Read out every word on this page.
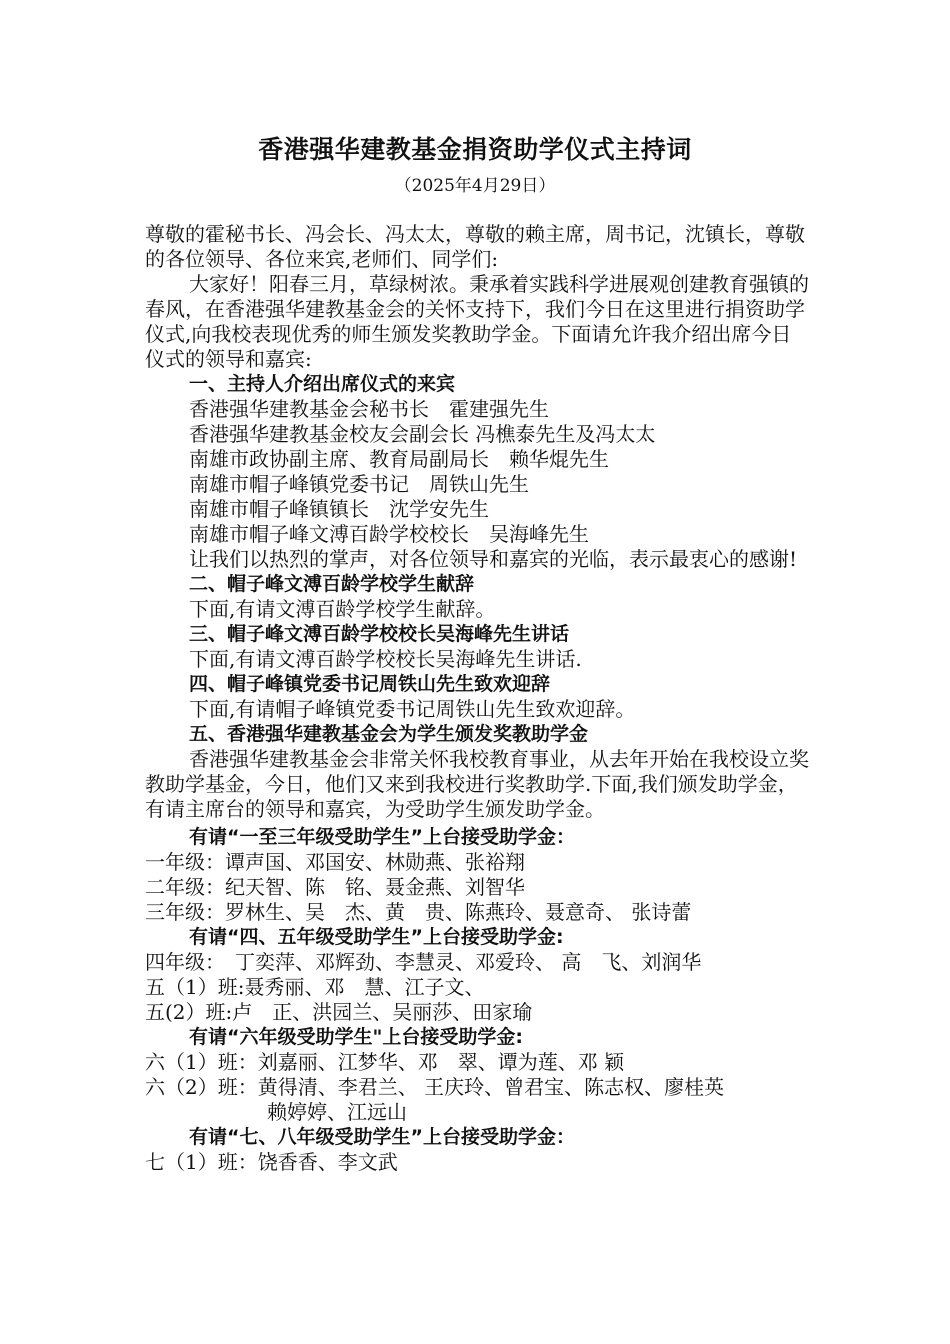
香港强华建教基金捐资助学仪式主持词
（2025年4月29日）

尊敬的霍秘书长、冯会长、冯太太，尊敬的赖主席，周书记，沈镇长，尊敬的各位领导、各位来宾,老师们、同学们:

大家好！阳春三月，草绿树浓。秉承着实践科学进展观创建教育强镇的春风，在香港强华建教基金会的关怀支持下，我们今日在这里进行捐资助学仪式,向我校表现优秀的师生颁发奖教助学金。下面请允许我介绍出席今日仪式的领导和嘉宾:

一、主持人介绍出席仪式的来宾

香港强华建教基金会秘书长　霍建强先生

香港强华建教基金校友会副会长 冯樵泰先生及冯太太

南雄市政协副主席、教育局副局长　赖华焜先生

南雄市帽子峰镇党委书记　周铁山先生

南雄市帽子峰镇镇长　沈学安先生

南雄市帽子峰文溥百龄学校校长　吴海峰先生

让我们以热烈的掌声，对各位领导和嘉宾的光临，表示最衷心的感谢!

二、帽子峰文溥百龄学校学生献辞

下面,有请文溥百龄学校学生献辞。

三、帽子峰文溥百龄学校校长吴海峰先生讲话

下面,有请文溥百龄学校校长吴海峰先生讲话.

四、帽子峰镇党委书记周铁山先生致欢迎辞

下面,有请帽子峰镇党委书记周铁山先生致欢迎辞。

五、香港强华建教基金会为学生颁发奖教助学金

香港强华建教基金会非常关怀我校教育事业，从去年开始在我校设立奖教助学基金，今日，他们又来到我校进行奖教助学.下面,我们颁发助学金，有请主席台的领导和嘉宾，为受助学生颁发助学金。

有请“一至三年级受助学生”上台接受助学金：

一年级：谭声国、邓国安、林勋燕、张裕翔

二年级：纪天智、陈　铭、聂金燕、刘智华

三年级：罗林生、吴　杰、黄　贵、陈燕玲、聂意奇、 张诗蕾

有请“四、五年级受助学生”上台接受助学金:

四年级：　丁奕萍、邓辉劲、李慧灵、邓爱玲、 高　飞、刘润华

五（1）班:聂秀丽、邓　慧、江子文、

五(2）班:卢　正、洪园兰、吴丽莎、田家瑜

有请“六年级受助学生"上台接受助学金:

六（1）班： 刘嘉丽、江梦华、邓　翠、谭为莲、邓 颖
六（2）班： 黄得清、李君兰、 王庆玲、曾君宝、陈志权、廖桂英

赖婷婷、江远山

有请“七、八年级受助学生”上台接受助学金：

七（1）班：饶香香、李文武
